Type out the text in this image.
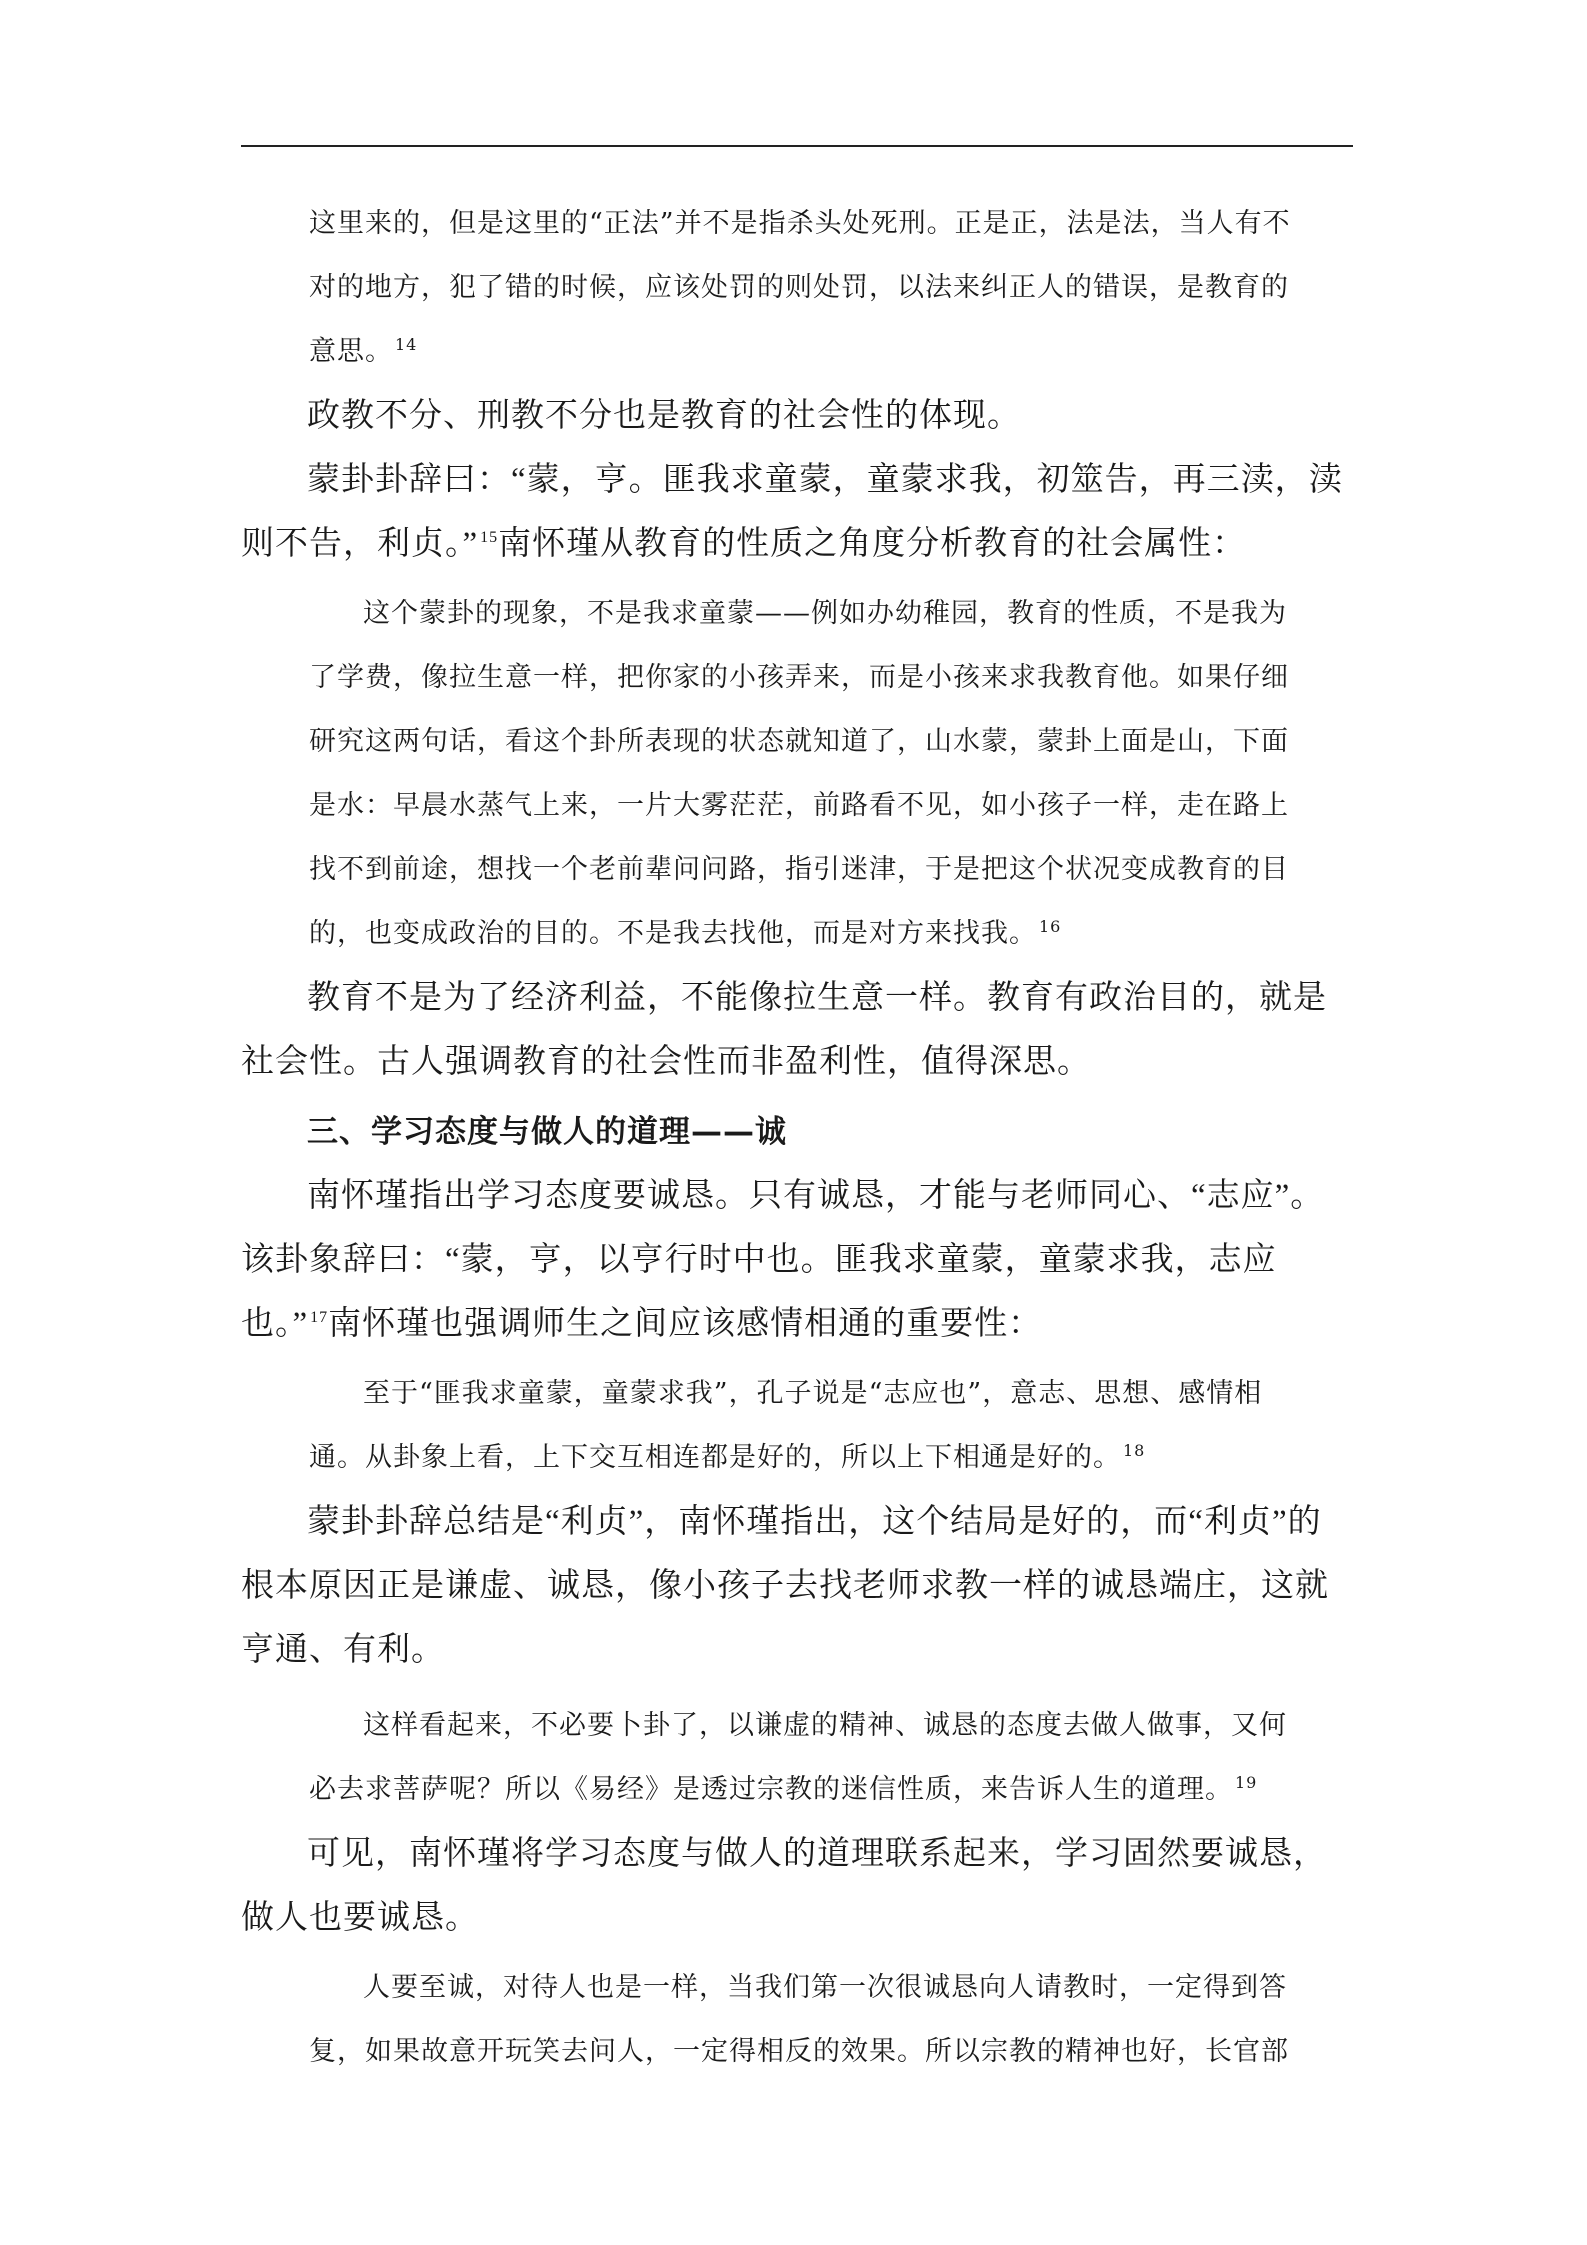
这里来的，但是这里的“正法”并不是指杀头处死刑。正是正，法是法，当人有不对的地方，犯了错的时候，应该处罚的则处罚，以法来纠正人的错误，是教育的意思。 $^{14}$

政教不分、刑教不分也是教育的社会性的体现。

蒙卦卦辞曰：“蒙，亨。匪我求童蒙，童蒙求我，初筮告，再三渎，渎则不告，利贞。” $^{15}$南怀瑾从教育的性质之角度分析教育的社会属性：

这个蒙卦的现象，不是我求童蒙——例如办幼稚园，教育的性质，不是我为了学费，像拉生意一样，把你家的小孩弄来，而是小孩来求我教育他。如果仔细研究这两句话，看这个卦所表现的状态就知道了，山水蒙，蒙卦上面是山，下面是水：早晨水蒸气上来，一片大雾茫茫，前路看不见，如小孩子一样，走在路上找不到前途，想找一个老前辈问问路，指引迷津，于是把这个状况变成教育的目的，也变成政治的目的。不是我去找他，而是对方来找我。 $^{16}$

教育不是为了经济利益，不能像拉生意一样。教育有政治目的，就是社会性。古人强调教育的社会性而非盈利性，值得深思。

三、学习态度与做人的道理——诚

南怀瑾指出学习态度要诚恳。只有诚恳，才能与老师同心、“志应”。该卦象辞曰：“蒙，亨，以亨行时中也。匪我求童蒙，童蒙求我，志应也。” $^{17}$南怀瑾也强调师生之间应该感情相通的重要性：

至于“匪我求童蒙，童蒙求我”，孔子说是“志应也”，意志、思想、感情相通。从卦象上看，上下交互相连都是好的，所以上下相通是好的。 $^{18}$

蒙卦卦辞总结是“利贞”，南怀瑾指出，这个结局是好的，而“利贞”的根本原因正是谦虚、诚恳，像小孩子去找老师求教一样的诚恳端庄，这就亨通、有利。

这样看起来，不必要卜卦了，以谦虚的精神、诚恳的态度去做人做事，又何必去求菩萨呢？所以《易经》是透过宗教的迷信性质，来告诉人生的道理。 $^{19}$

可见，南怀瑾将学习态度与做人的道理联系起来，学习固然要诚恳，做人也要诚恳。

人要至诚，对待人也是一样，当我们第一次很诚恳向人请教时，一定得到答复，如果故意开玩笑去问人，一定得相反的效果。所以宗教的精神也好，长官部
